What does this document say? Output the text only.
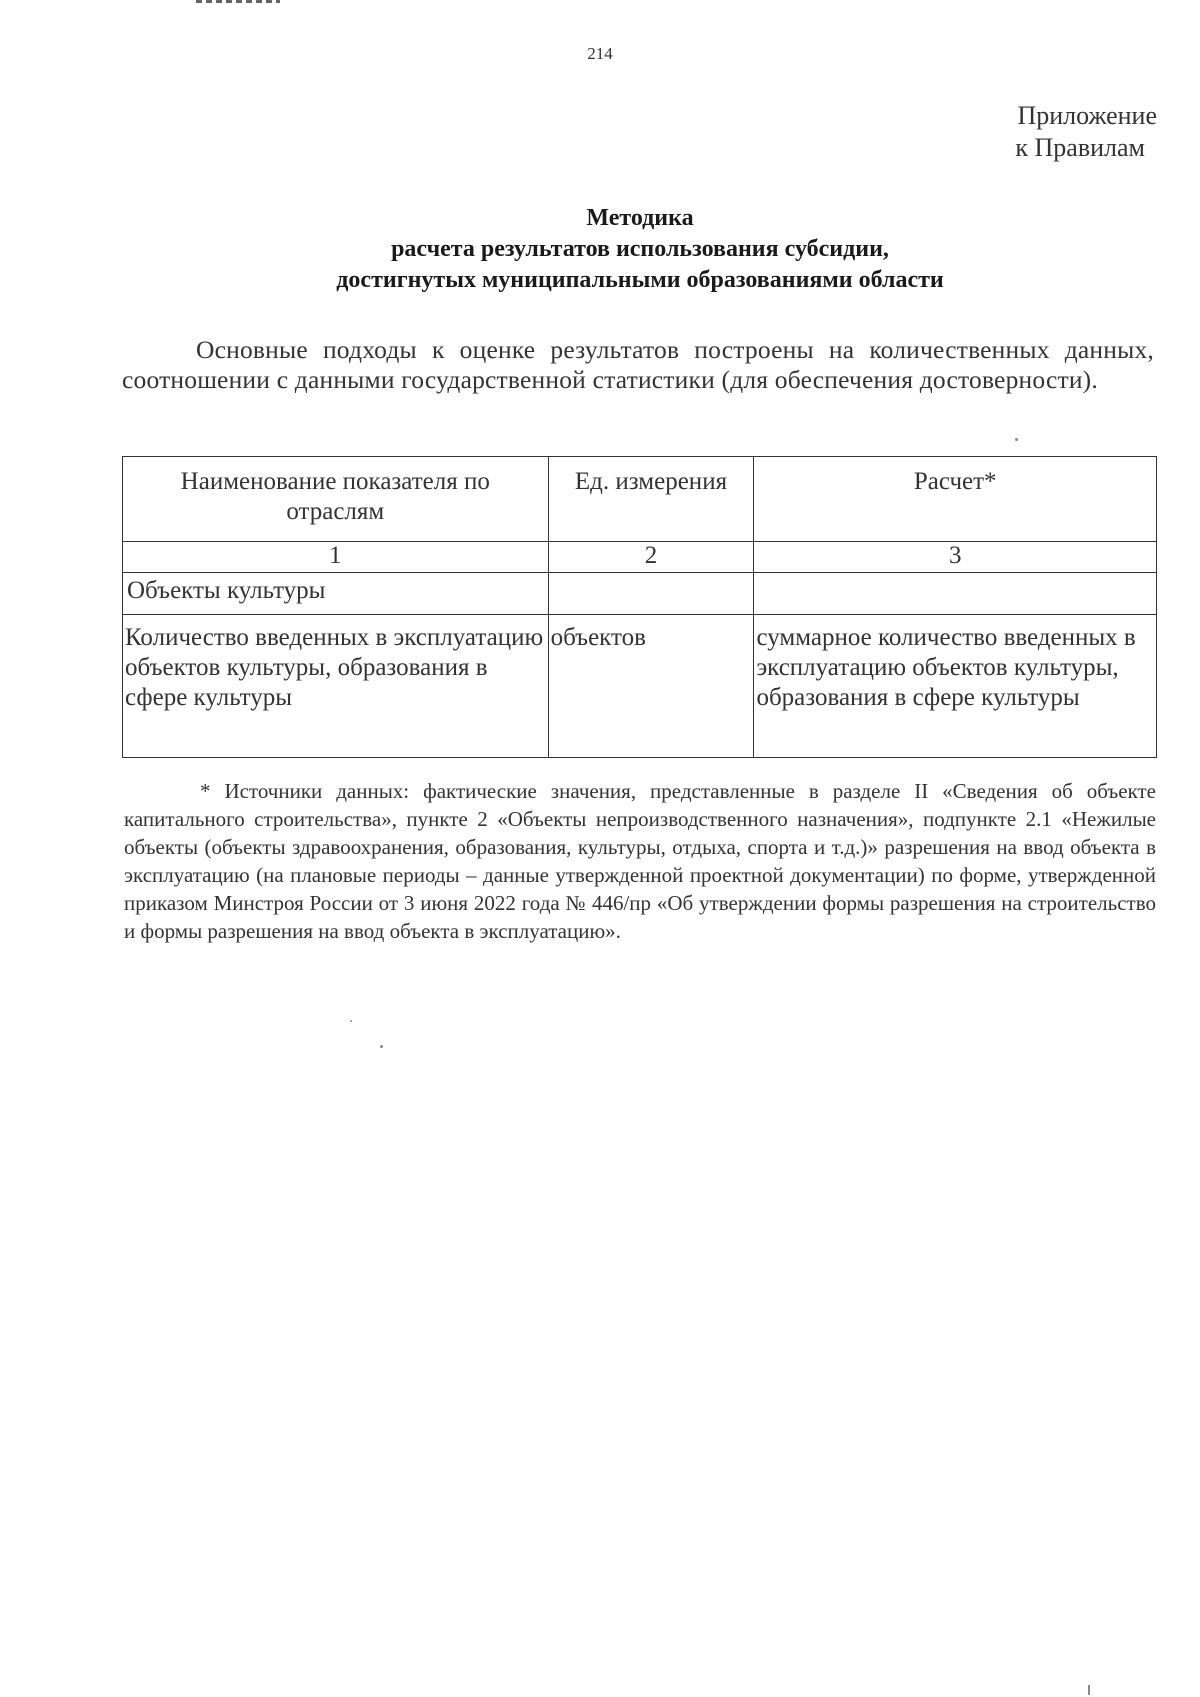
214
Приложение
к Правилам
Методика
расчета результатов использования субсидии,
достигнутых муниципальными образованиями области

Основные подходы к оценке результатов построены на количественных данных, соотношении с данными государственной статистики (для обеспечения достоверности).

Наименование показателя по отраслям	Ед. измерения	Расчет*
1	2	3
Объекты культуры		
Количество введенных в эксплуатацию объектов культуры, образования в сфере культуры	объектов	суммарное количество введенных в эксплуатацию объектов культуры, образования в сфере культуры

* Источники данных: фактические значения, представленные в разделе II «Сведения об объекте капитального строительства», пункте 2 «Объекты непроизводственного назначения», подпункте 2.1 «Нежилые объекты (объекты здравоохранения, образования, культуры, отдыха, спорта и т.д.)» разрешения на ввод объекта в эксплуатацию (на плановые периоды – данные утвержденной проектной документации) по форме, утвержденной приказом Минстроя России от 3 июня 2022 года № 446/пр «Об утверждении формы разрешения на строительство и формы разрешения на ввод объекта в эксплуатацию».
